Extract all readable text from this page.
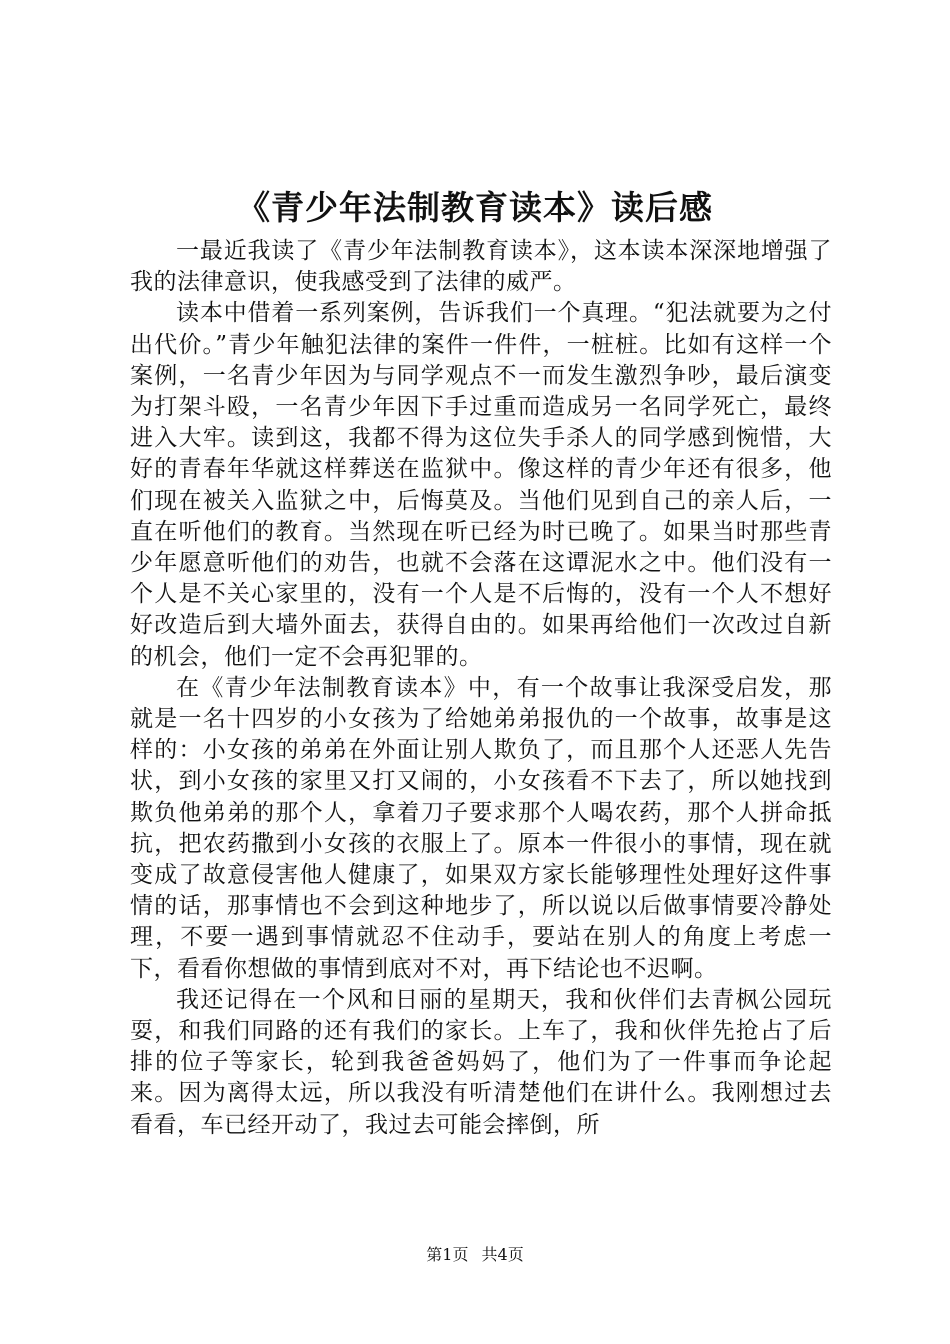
《青少年法制教育读本》读后感

一最近我读了《青少年法制教育读本》，这本读本深深地增强了我的法律意识，使我感受到了法律的威严。

读本中借着一系列案例，告诉我们一个真理。“犯法就要为之付出代价。”青少年触犯法律的案件一件件，一桩桩。比如有这样一个案例，一名青少年因为与同学观点不一而发生激烈争吵，最后演变为打架斗殴，一名青少年因下手过重而造成另一名同学死亡，最终进入大牢。读到这，我都不得为这位失手杀人的同学感到惋惜，大好的青春年华就这样葬送在监狱中。像这样的青少年还有很多，他们现在被关入监狱之中，后悔莫及。当他们见到自己的亲人后，一直在听他们的教育。当然现在听已经为时已晚了。如果当时那些青少年愿意听他们的劝告，也就不会落在这谭泥水之中。他们没有一个人是不关心家里的，没有一个人是不后悔的，没有一个人不想好好改造后到大墙外面去，获得自由的。如果再给他们一次改过自新的机会，他们一定不会再犯罪的。

在《青少年法制教育读本》中，有一个故事让我深受启发，那就是一名十四岁的小女孩为了给她弟弟报仇的一个故事，故事是这样的：小女孩的弟弟在外面让别人欺负了，而且那个人还恶人先告状，到小女孩的家里又打又闹的，小女孩看不下去了，所以她找到欺负他弟弟的那个人，拿着刀子要求那个人喝农药，那个人拼命抵抗，把农药撒到小女孩的衣服上了。原本一件很小的事情，现在就变成了故意侵害他人健康了，如果双方家长能够理性处理好这件事情的话，那事情也不会到这种地步了，所以说以后做事情要冷静处理，不要一遇到事情就忍不住动手，要站在别人的角度上考虑一下，看看你想做的事情到底对不对，再下结论也不迟啊。

我还记得在一个风和日丽的星期天，我和伙伴们去青枫公园玩耍，和我们同路的还有我们的家长。上车了，我和伙伴先抢占了后排的位子等家长，轮到我爸爸妈妈了，他们为了一件事而争论起来。因为离得太远，所以我没有听清楚他们在讲什么。我刚想过去看看，车已经开动了，我过去可能会摔倒，所

第1页 共4页
